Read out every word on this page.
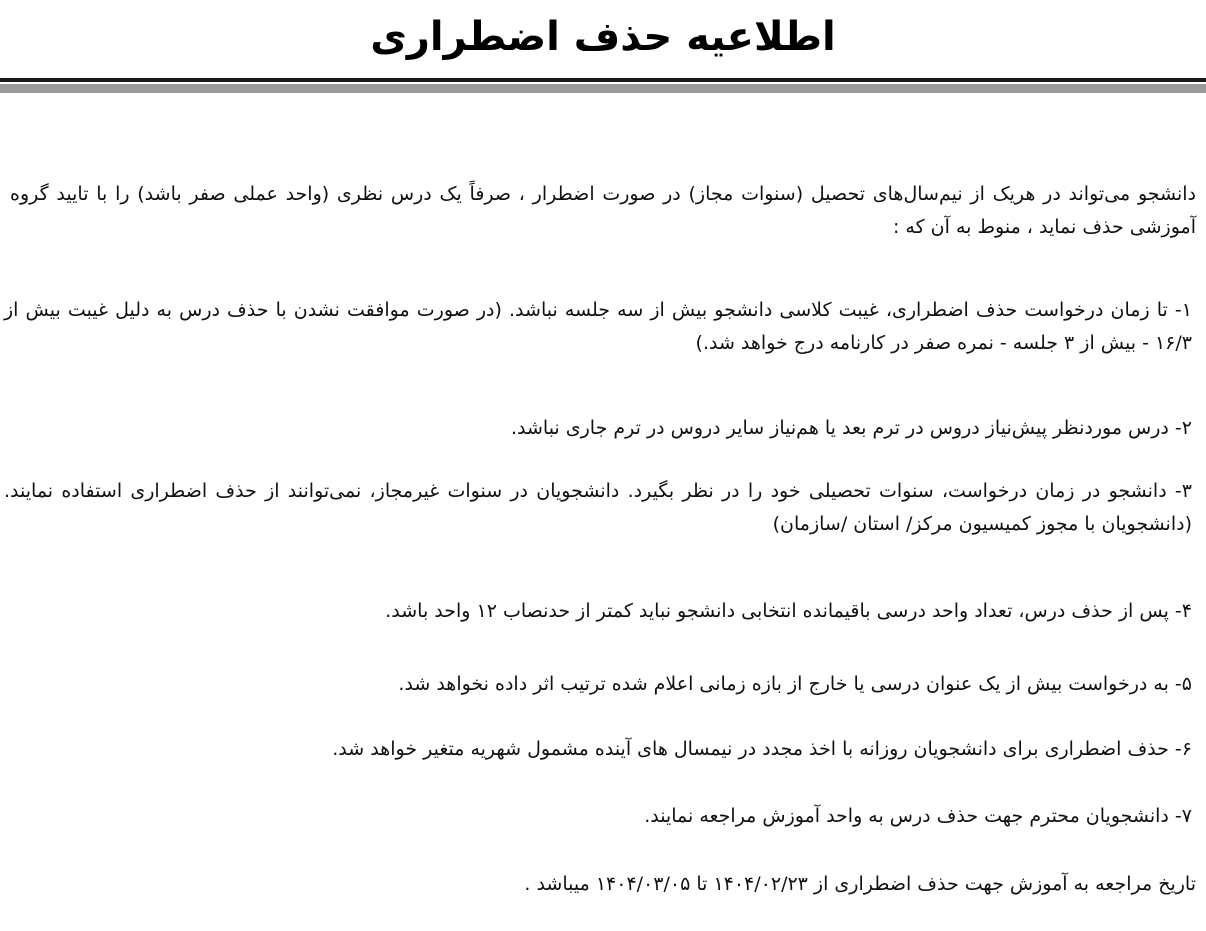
اطلاعیه حذف اضطراری

دانشجو می‌تواند در هریک از نیم‌سال‌های تحصیل (سنوات مجاز) در صورت اضطرار ، صرفاً یک درس نظری (واحد عملی صفر باشد) را با تایید گروه آموزشی حذف نماید ، منوط به آن که :

۱- تا زمان درخواست حذف اضطراری، غیبت کلاسی دانشجو بیش از سه جلسه نباشد. (در صورت موافقت نشدن با حذف درس به دلیل غیبت بیش از ۱۶/۳ - بیش از ۳ جلسه - نمره صفر در کارنامه درج خواهد شد.)

۲- درس موردنظر پیش‌نیاز دروس در ترم بعد یا هم‌نیاز سایر دروس در ترم جاری نباشد.

۳- دانشجو در زمان درخواست، سنوات تحصیلی خود را در نظر بگیرد. دانشجویان در سنوات غیرمجاز، نمی‌توانند از حذف اضطراری استفاده نمایند. (دانشجویان با مجوز کمیسیون مرکز/ استان /سازمان)

۴- پس از حذف درس، تعداد واحد درسی باقیمانده انتخابی دانشجو نباید کمتر از حدنصاب ۱۲ واحد باشد.

۵- به درخواست بیش از یک عنوان درسی یا خارج از بازه زمانی اعلام شده ترتیب اثر داده نخواهد شد.

۶- حذف اضطراری برای دانشجویان روزانه با اخذ مجدد در نیمسال های آینده مشمول شهریه متغیر خواهد شد.

۷- دانشجویان محترم جهت حذف درس به واحد آموزش مراجعه نمایند.

تاریخ مراجعه به آموزش جهت حذف اضطراری از ۱۴۰۴/۰۲/۲۳ تا ۱۴۰۴/۰۳/۰۵ میباشد .
